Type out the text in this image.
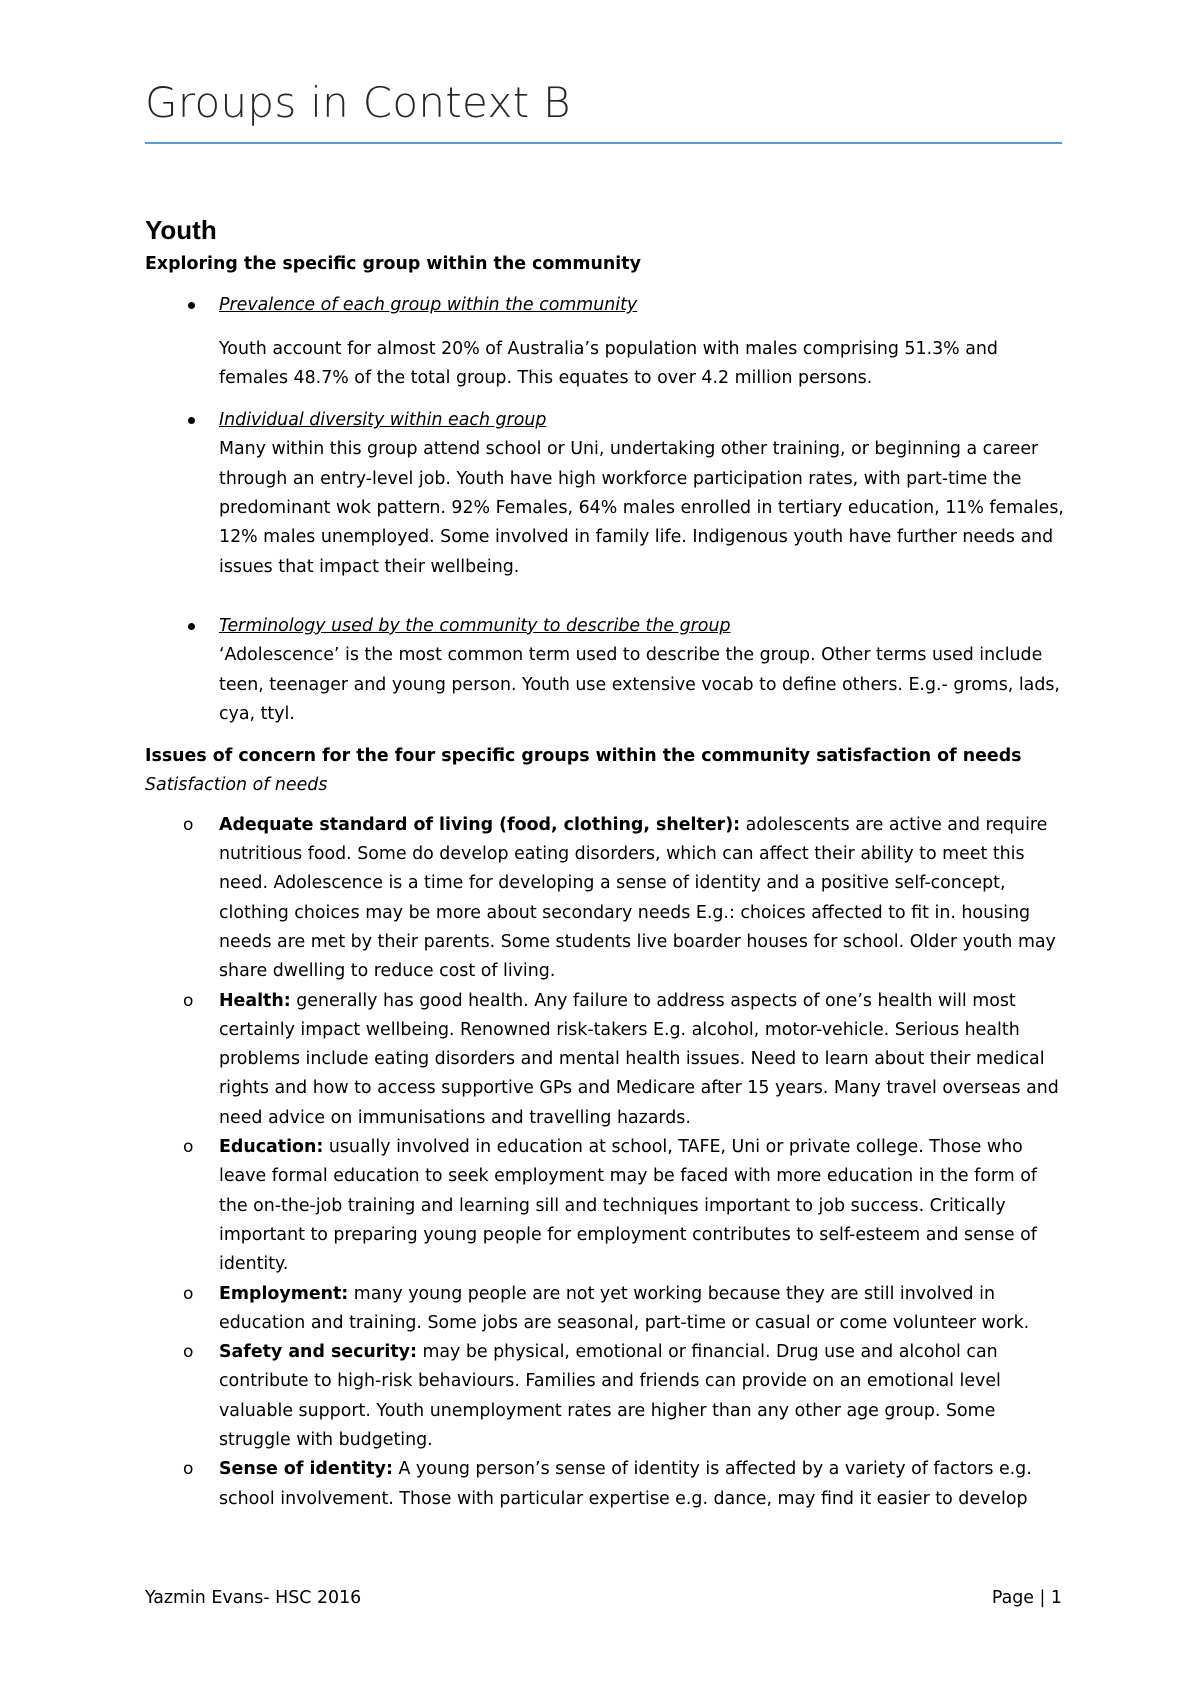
Groups in Context B
Youth

Exploring the specific group within the community

Prevalence of each group within the community

Youth account for almost 20% of Australia’s population with males comprising 51.3% and females 48.7% of the total group. This equates to over 4.2 million persons.

Individual diversity within each group

Many within this group attend school or Uni, undertaking other training, or beginning a career through an entry-level job. Youth have high workforce participation rates, with part-time the predominant wok pattern. 92% Females, 64% males enrolled in tertiary education, 11% females, 12% males unemployed. Some involved in family life. Indigenous youth have further needs and issues that impact their wellbeing.

Terminology used by the community to describe the group

‘Adolescence’ is the most common term used to describe the group. Other terms used include teen, teenager and young person. Youth use extensive vocab to define others. E.g.- groms, lads, cya, ttyl.

Issues of concern for the four specific groups within the community satisfaction of needs

Satisfaction of needs

o Adequate standard of living (food, clothing, shelter): adolescents are active and require nutritious food. Some do develop eating disorders, which can affect their ability to meet this need. Adolescence is a time for developing a sense of identity and a positive self-concept, clothing choices may be more about secondary needs E.g.: choices affected to fit in. housing needs are met by their parents. Some students live boarder houses for school. Older youth may share dwelling to reduce cost of living.
o Health: generally has good health. Any failure to address aspects of one’s health will most certainly impact wellbeing. Renowned risk-takers E.g. alcohol, motor-vehicle. Serious health problems include eating disorders and mental health issues. Need to learn about their medical rights and how to access supportive GPs and Medicare after 15 years. Many travel overseas and need advice on immunisations and travelling hazards.
o Education: usually involved in education at school, TAFE, Uni or private college. Those who leave formal education to seek employment may be faced with more education in the form of the on-the-job training and learning sill and techniques important to job success. Critically important to preparing young people for employment contributes to self-esteem and sense of identity.
o Employment: many young people are not yet working because they are still involved in education and training. Some jobs are seasonal, part-time or casual or come volunteer work.
o Safety and security: may be physical, emotional or financial. Drug use and alcohol can contribute to high-risk behaviours. Families and friends can provide on an emotional level valuable support. Youth unemployment rates are higher than any other age group. Some struggle with budgeting.
o Sense of identity: A young person’s sense of identity is affected by a variety of factors e.g. school involvement. Those with particular expertise e.g. dance, may find it easier to develop
Yazmin Evans- HSC 2016	Page | 1
